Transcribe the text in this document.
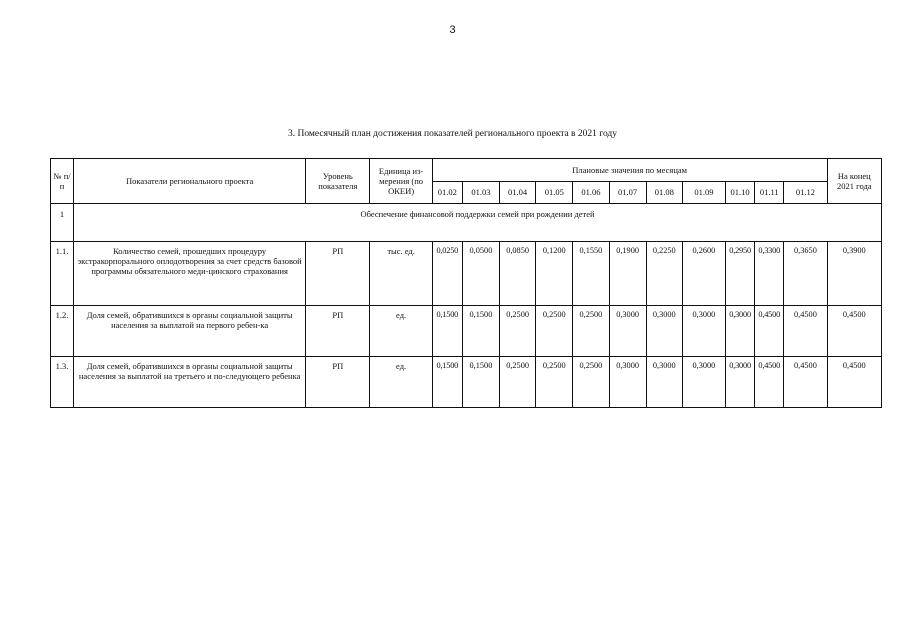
3
3. Помесячный план достижения показателей регионального проекта в 2021 году
№ п/п	Показатели регионального проекта	Уровень показателя	Единица из-мерения (по ОКЕИ)	Плановые значения по месяцам											На конец 2021 года
				01.02	01.03	01.04	01.05	01.06	01.07	01.08	01.09	01.10	01.11	01.12	
1	Обеспечение финансовой поддержки семей при рождении детей														
1.1.	Количество семей, прошедших процедуру экстракорпорального оплодотворения за счет средств базовой программы обязательного меди-цинского страхования	РП	тыс. ед.	0,0250	0,0500	0,0850	0,1200	0,1550	0,1900	0,2250	0,2600	0,2950	0,3300	0,3650	0,3900
1.2.	Доля семей, обратившихся в органы социальной защиты населения за выплатой на первого ребен-ка	РП	ед.	0,1500	0,1500	0,2500	0,2500	0,2500	0,3000	0,3000	0,3000	0,3000	0,4500	0,4500	0,4500
1.3.	Доля семей, обратившихся в органы социальной защиты населения за выплатой на третьего и по-следующего ребенка	РП	ед.	0,1500	0,1500	0,2500	0,2500	0,2500	0,3000	0,3000	0,3000	0,3000	0,4500	0,4500	0,4500
